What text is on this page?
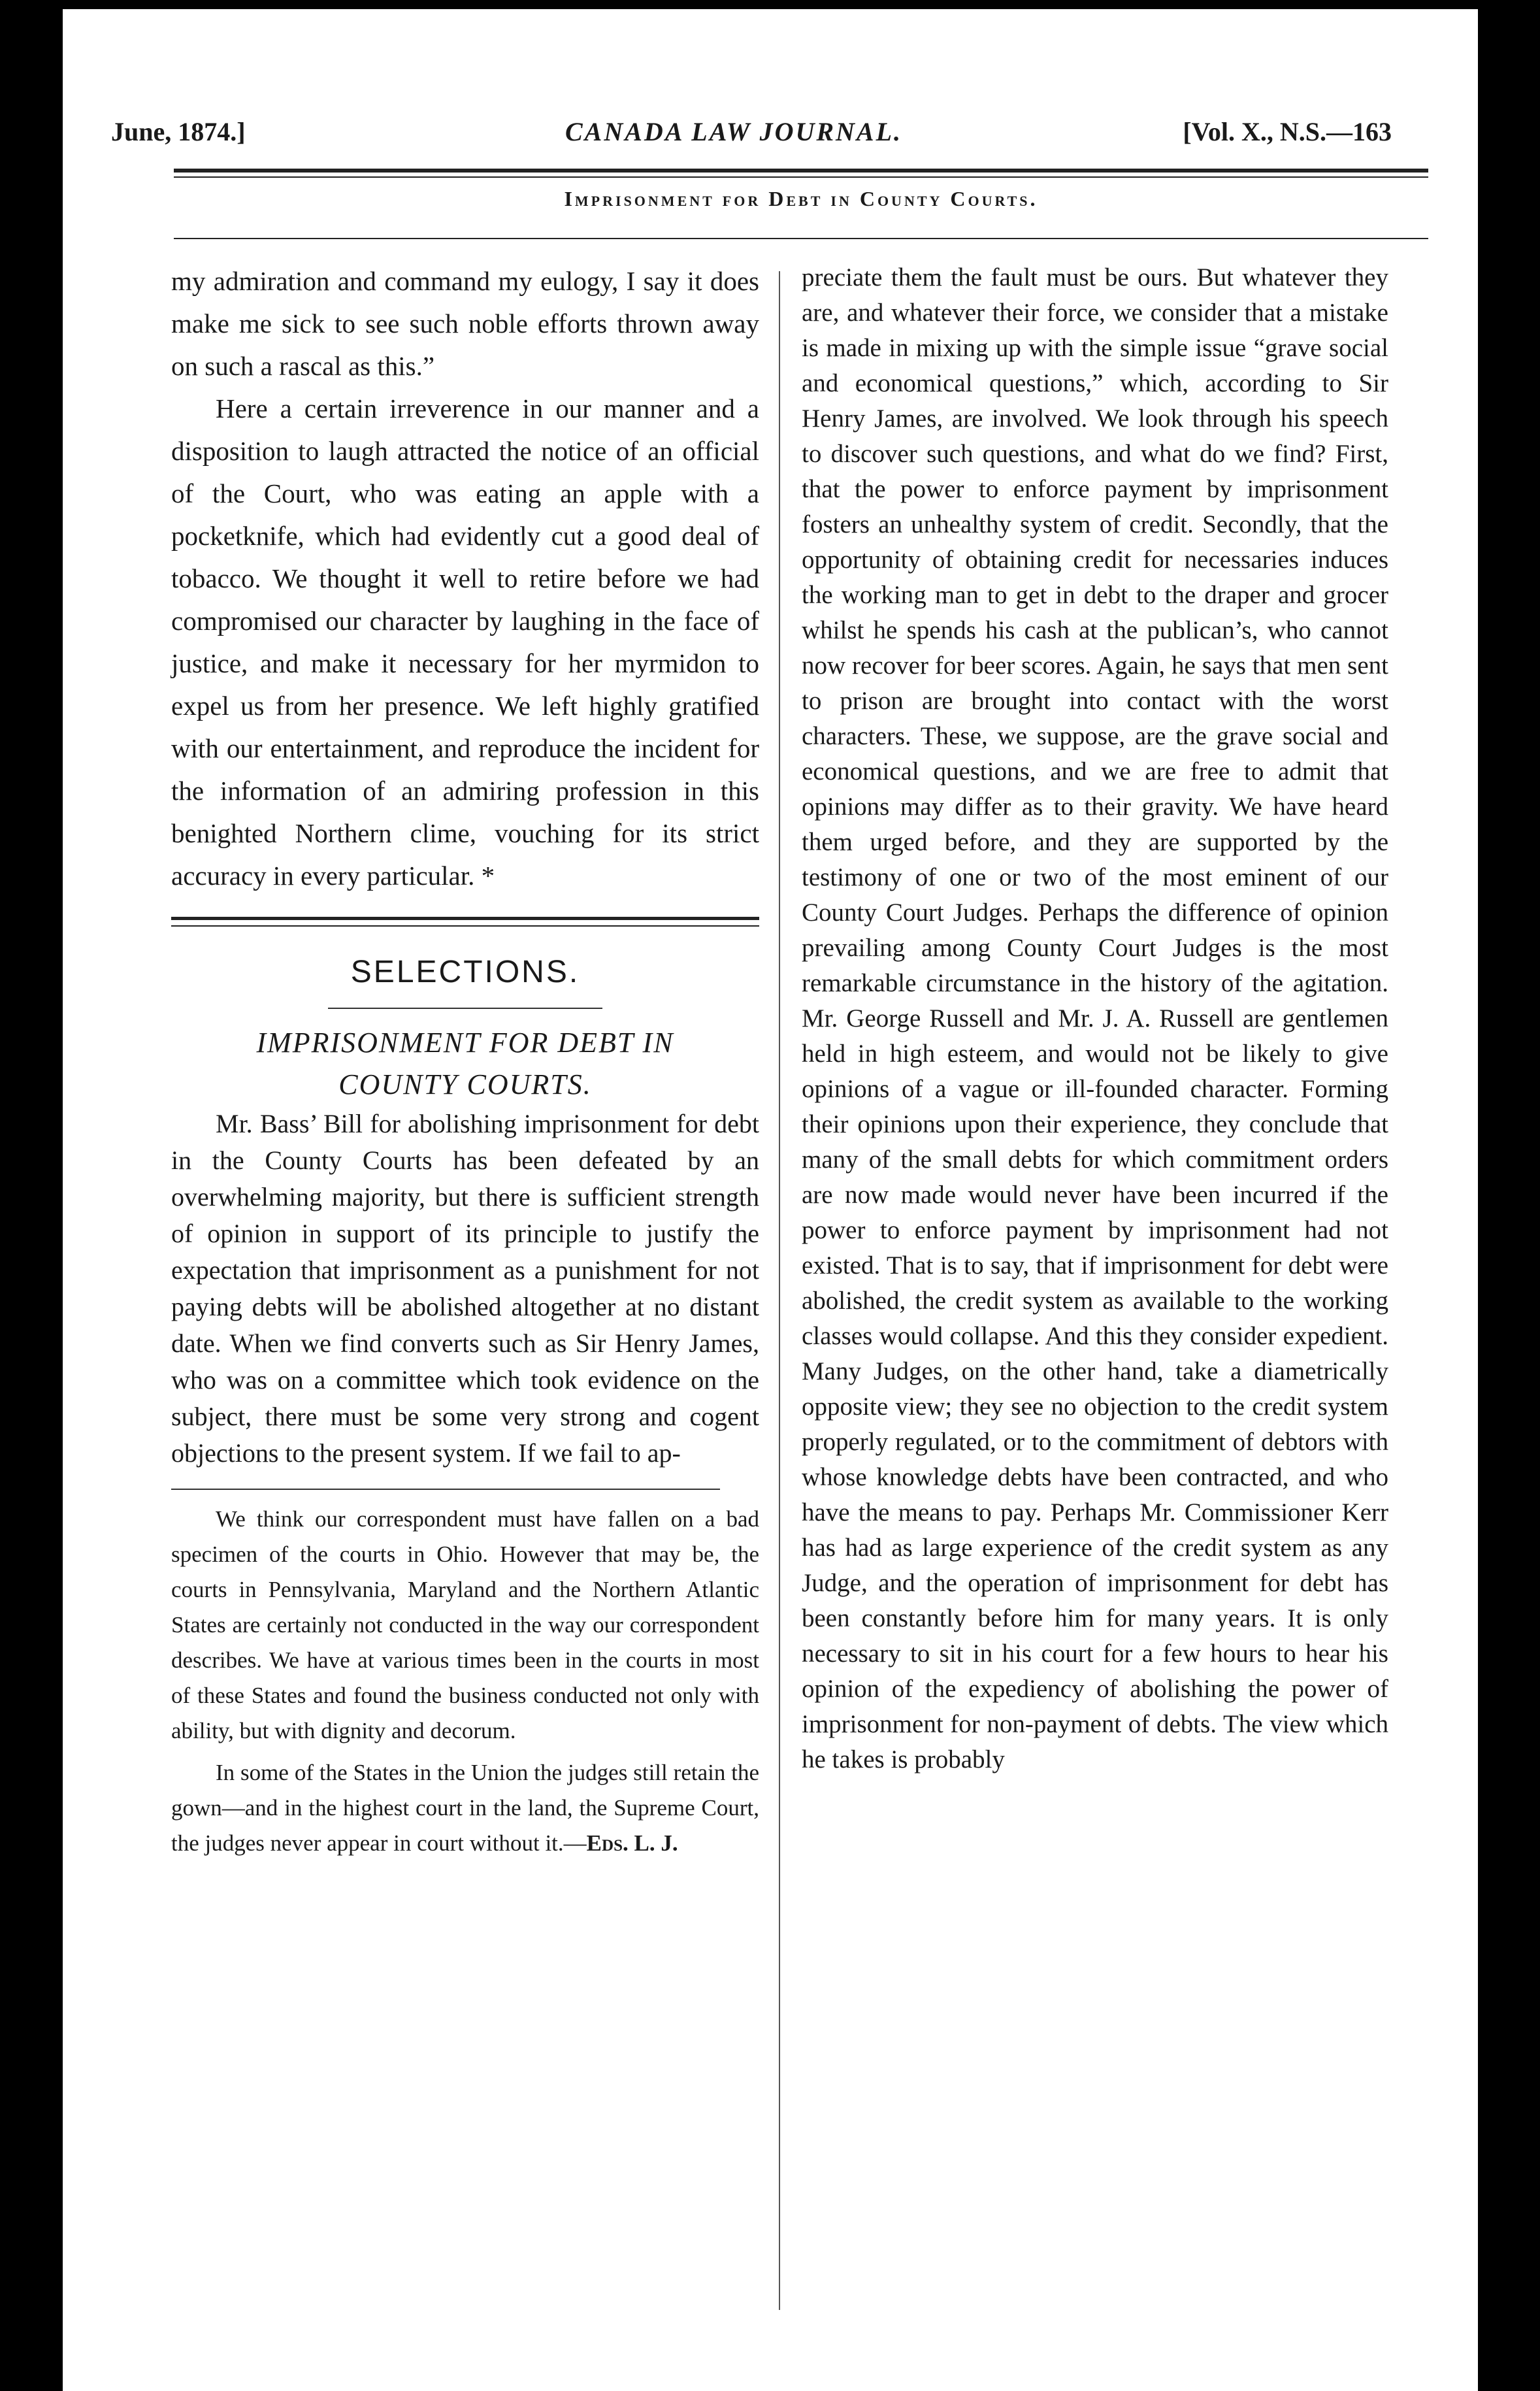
June, 1874.]	CANADA LAW JOURNAL.	[Vol. X., N.S.—163
Imprisonment for Debt in County Courts.

my admiration and command my eulogy, I say it does make me sick to see such noble efforts thrown away on such a rascal as this.”

Here a certain irreverence in our manner and a disposition to laugh attracted the notice of an official of the Court, who was eating an apple with a pocketknife, which had evidently cut a good deal of tobacco. We thought it well to retire before we had compromised our character by laughing in the face of justice, and make it necessary for her myrmidon to expel us from her presence. We left highly gratified with our entertainment, and reproduce the incident for the information of an admiring profession in this benighted Northern clime, vouching for its strict accuracy in every particular. *

SELECTIONS.
IMPRISONMENT FOR DEBT IN
COUNTY COURTS.

Mr. Bass’ Bill for abolishing imprisonment for debt in the County Courts has been defeated by an overwhelming majority, but there is sufficient strength of opinion in support of its principle to justify the expectation that imprisonment as a punishment for not paying debts will be abolished altogether at no distant date. When we find converts such as Sir Henry James, who was on a committee which took evidence on the subject, there must be some very strong and cogent objections to the present system. If we fail to ap-

We think our correspondent must have fallen on a bad specimen of the courts in Ohio. However that may be, the courts in Pennsylvania, Maryland and the Northern Atlantic States are certainly not conducted in the way our correspondent describes. We have at various times been in the courts in most of these States and found the business conducted not only with ability, but with dignity and decorum.

In some of the States in the Union the judges still retain the gown—and in the highest court in the land, the Supreme Court, the judges never appear in court without it.—Eds. L. J.

preciate them the fault must be ours. But whatever they are, and whatever their force, we consider that a mistake is made in mixing up with the simple issue “grave social and economical questions,” which, according to Sir Henry James, are involved. We look through his speech to discover such questions, and what do we find? First, that the power to enforce payment by imprisonment fosters an unhealthy system of credit. Secondly, that the opportunity of obtaining credit for necessaries induces the working man to get in debt to the draper and grocer whilst he spends his cash at the publican’s, who cannot now recover for beer scores. Again, he says that men sent to prison are brought into contact with the worst characters. These, we suppose, are the grave social and economical questions, and we are free to admit that opinions may differ as to their gravity. We have heard them urged before, and they are supported by the testimony of one or two of the most eminent of our County Court Judges. Perhaps the difference of opinion prevailing among County Court Judges is the most remarkable circumstance in the history of the agitation. Mr. George Russell and Mr. J. A. Russell are gentlemen held in high esteem, and would not be likely to give opinions of a vague or ill-founded character. Forming their opinions upon their experience, they conclude that many of the small debts for which commitment orders are now made would never have been incurred if the power to enforce payment by imprisonment had not existed. That is to say, that if imprisonment for debt were abolished, the credit system as available to the working classes would collapse. And this they consider expedient. Many Judges, on the other hand, take a diametrically opposite view; they see no objection to the credit system properly regulated, or to the commitment of debtors with whose knowledge debts have been contracted, and who have the means to pay. Perhaps Mr. Commissioner Kerr has had as large experience of the credit system as any Judge, and the operation of imprisonment for debt has been constantly before him for many years. It is only necessary to sit in his court for a few hours to hear his opinion of the expediency of abolishing the power of imprisonment for non-payment of debts. The view which he takes is probably
